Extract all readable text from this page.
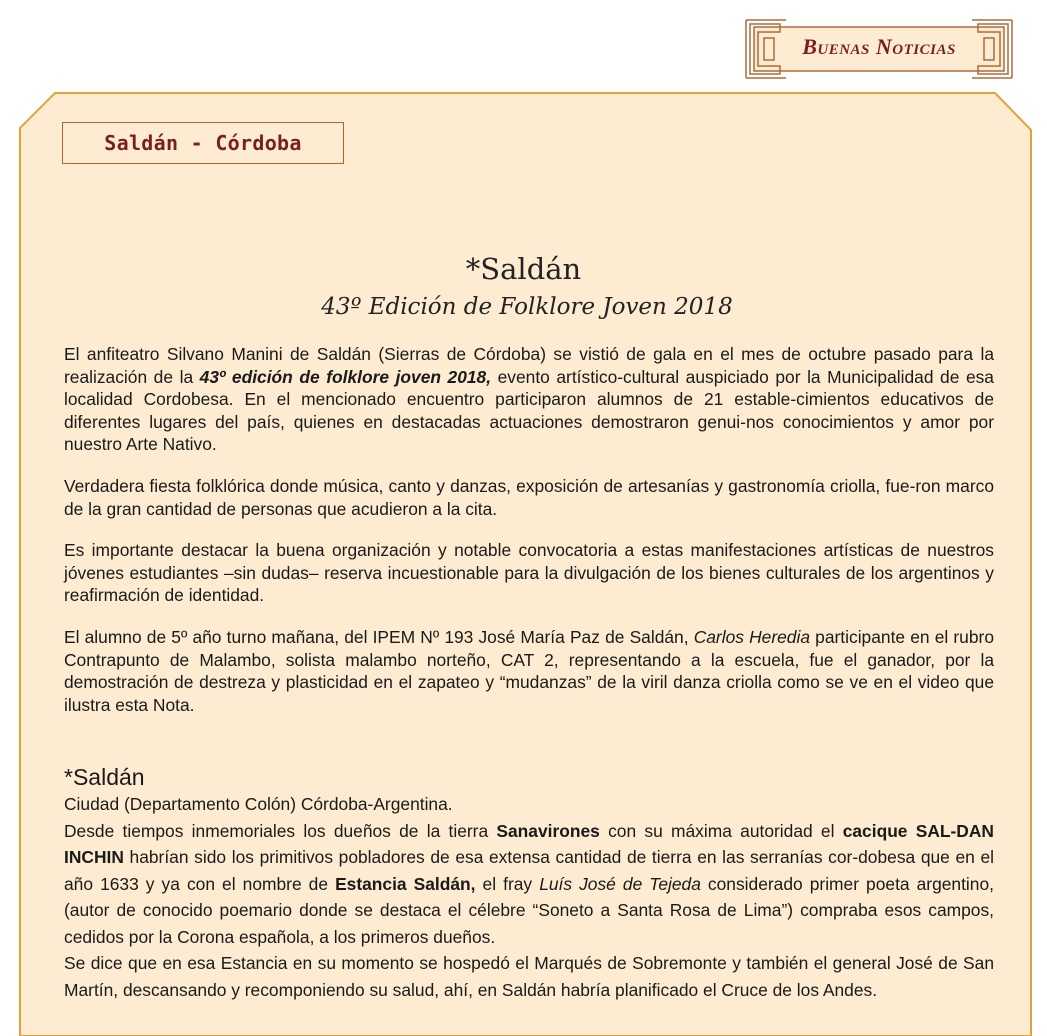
Buenas Noticias
Saldán - Córdoba
*Saldán
43º Edición de Folklore Joven 2018

El anfiteatro Silvano Manini de Saldán (Sierras de Córdoba) se vistió de gala en el mes de octubre pasado para la realización de la 43º edición de folklore joven 2018, evento artístico-cultural auspiciado por la Municipalidad de esa localidad Cordobesa. En el mencionado encuentro participaron alumnos de 21 estable-cimientos educativos de diferentes lugares del país, quienes en destacadas actuaciones demostraron genui-nos conocimientos y amor por nuestro Arte Nativo.

Verdadera fiesta folklórica donde música, canto y danzas, exposición de artesanías y gastronomía criolla, fue-ron marco de la gran cantidad de personas que acudieron a la cita.

Es importante destacar la buena organización y notable convocatoria a estas manifestaciones artísticas de nuestros jóvenes estudiantes –sin dudas– reserva incuestionable para la divulgación de los bienes culturales de los argentinos y reafirmación de identidad.

El alumno de 5º año turno mañana, del IPEM Nº 193 José María Paz de Saldán, Carlos Heredia participante en el rubro Contrapunto de Malambo, solista malambo norteño, CAT 2, representando a la escuela, fue el ganador, por la demostración de destreza y plasticidad en el zapateo y “mudanzas” de la viril danza criolla como se ve en el video que ilustra esta Nota.

*Saldán

Ciudad (Departamento Colón) Córdoba-Argentina.

Desde tiempos inmemoriales los dueños de la tierra Sanavirones con su máxima autoridad el cacique SAL-DAN INCHIN habrían sido los primitivos pobladores de esa extensa cantidad de tierra en las serranías cor-dobesa que en el año 1633 y ya con el nombre de Estancia Saldán, el fray Luís José de Tejeda considerado primer poeta argentino, (autor de conocido poemario donde se destaca el célebre “Soneto a Santa Rosa de Lima”) compraba esos campos, cedidos por la Corona española, a los primeros dueños.

Se dice que en esa Estancia en su momento se hospedó el Marqués de Sobremonte y también el general José de San Martín, descansando y recomponiendo su salud, ahí, en Saldán habría planificado el Cruce de los Andes.
